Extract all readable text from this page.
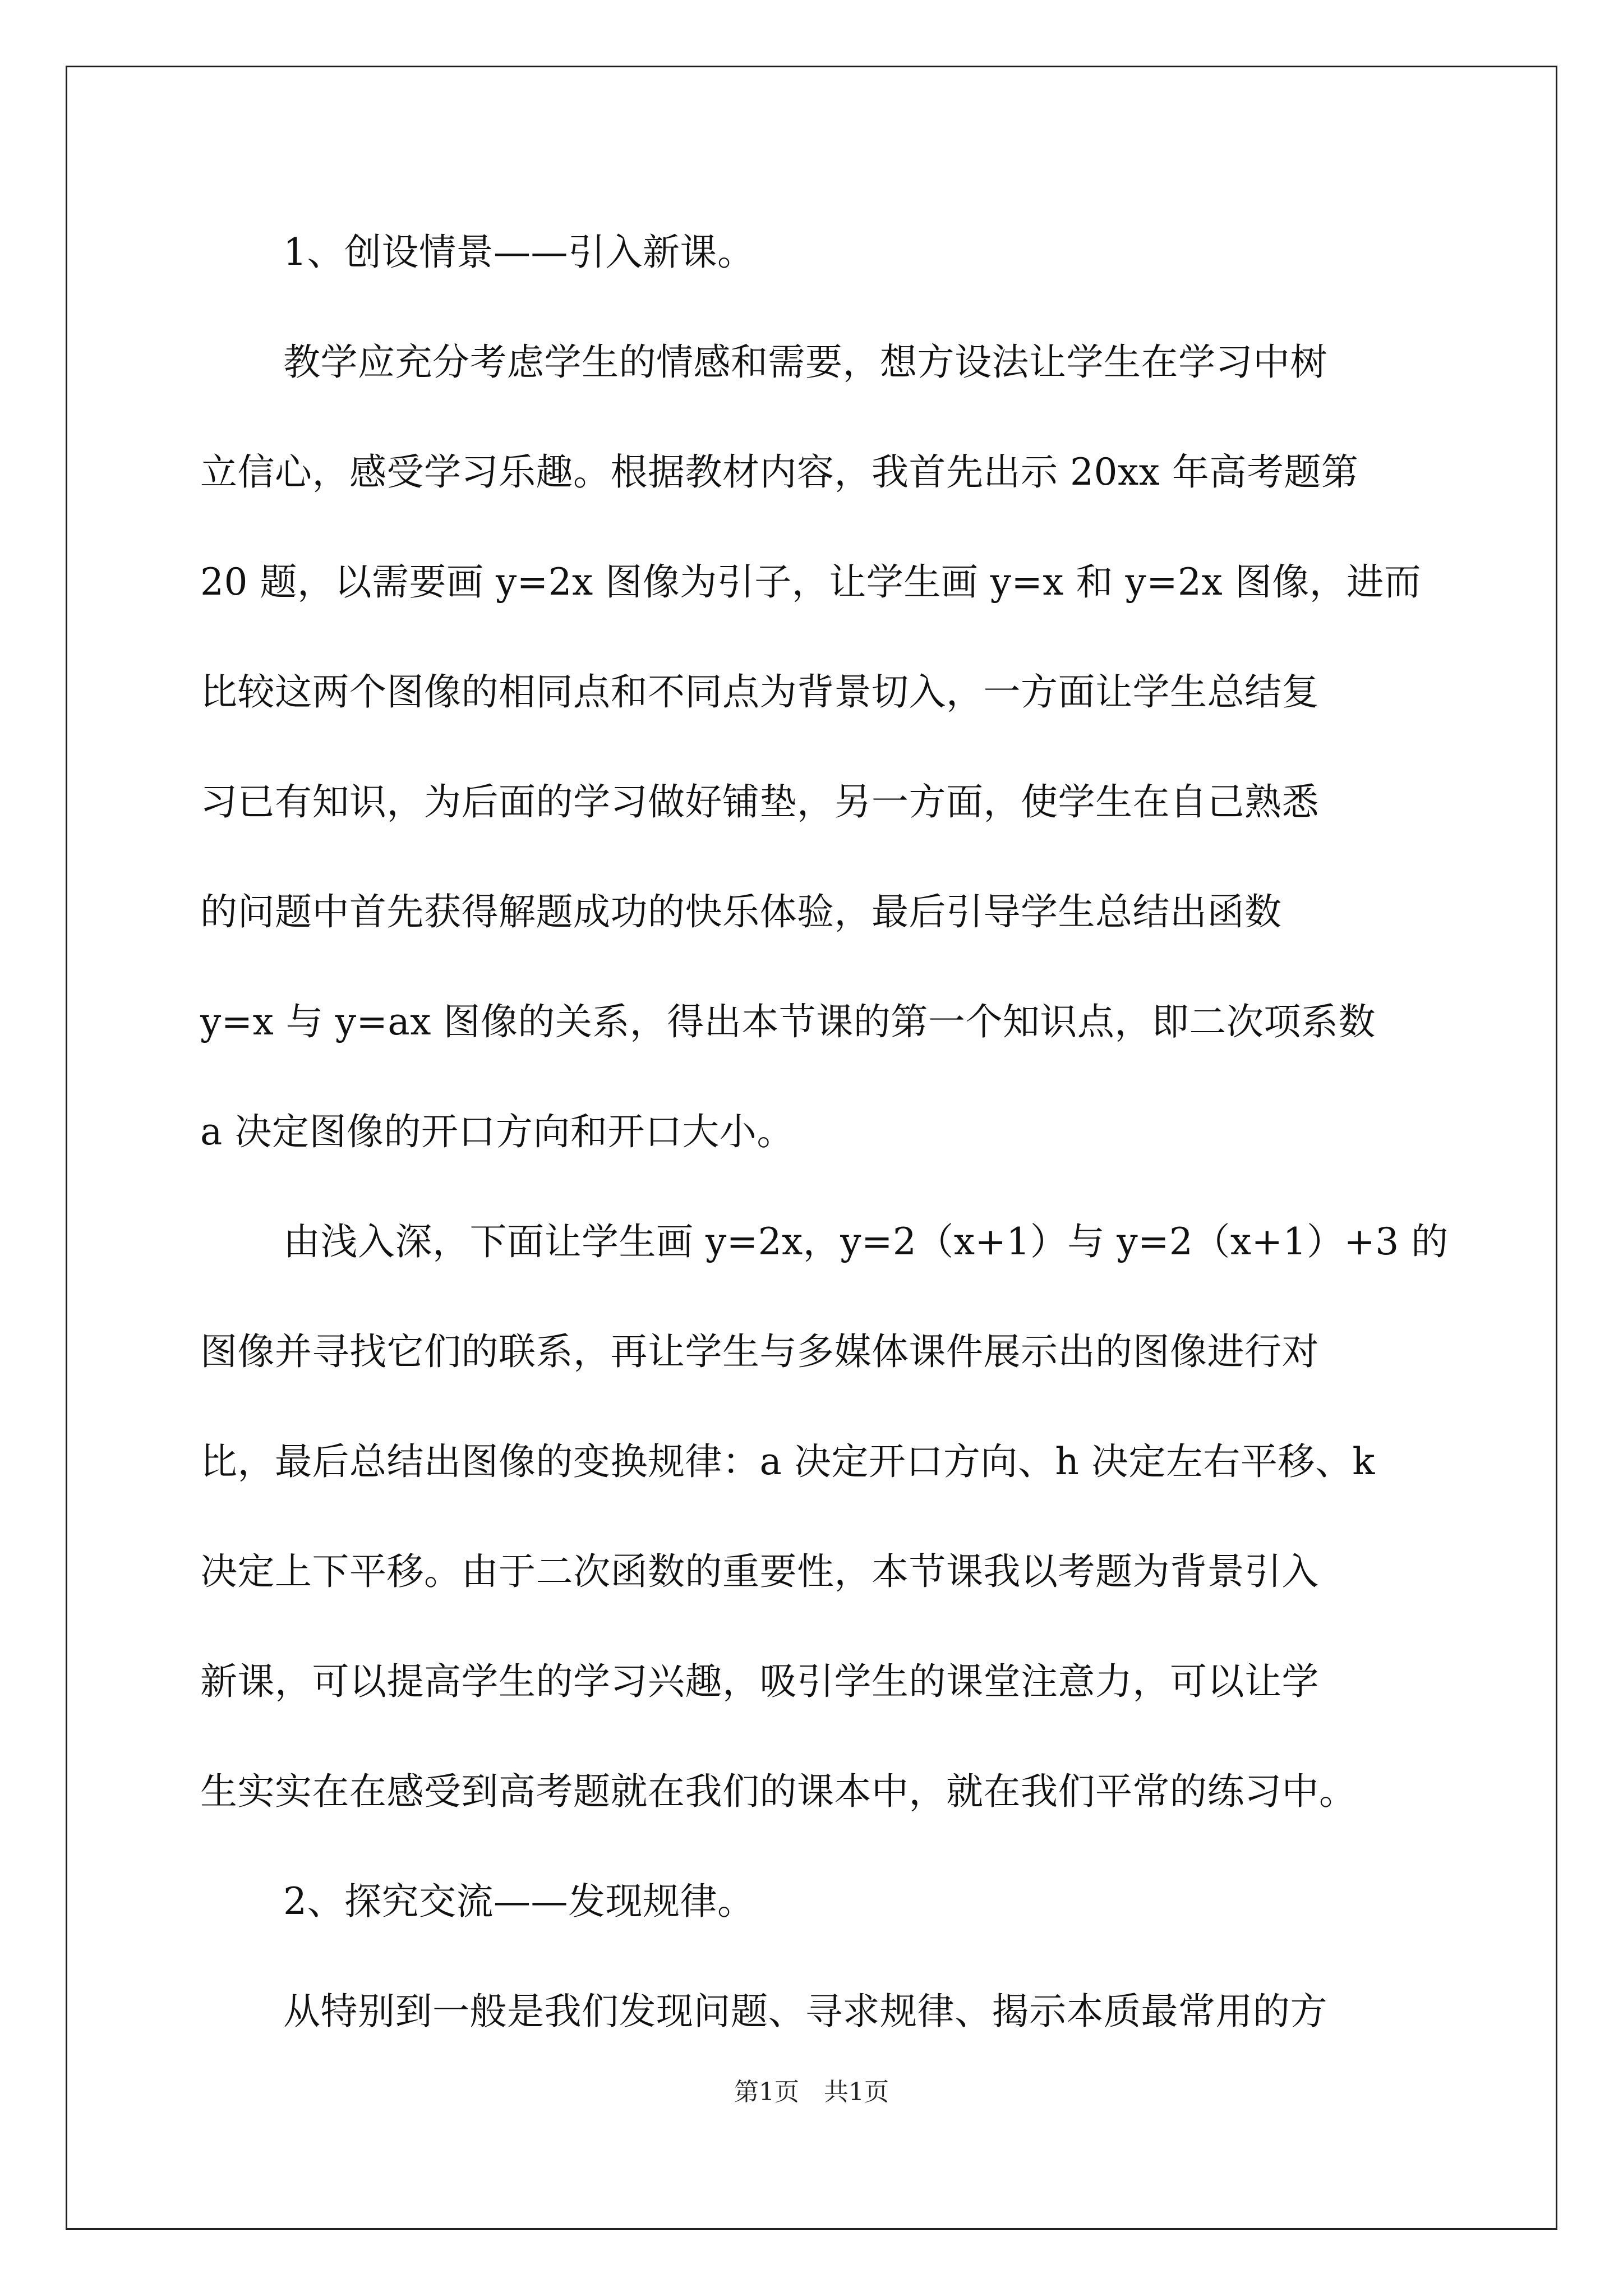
1、创设情景——引入新课。
教学应充分考虑学生的情感和需要，想方设法让学生在学习中树
立信心，感受学习乐趣。根据教材内容，我首先出示 20xx 年高考题第
20 题，以需要画 y=2x 图像为引子，让学生画 y=x 和 y=2x 图像，进而
比较这两个图像的相同点和不同点为背景切入，一方面让学生总结复
习已有知识，为后面的学习做好铺垫，另一方面，使学生在自己熟悉
的问题中首先获得解题成功的快乐体验，最后引导学生总结出函数
y=x 与 y=ax 图像的关系，得出本节课的第一个知识点，即二次项系数
a 决定图像的开口方向和开口大小。
由浅入深，下面让学生画 y=2x，y=2（x+1）与 y=2（x+1）+3 的
图像并寻找它们的联系，再让学生与多媒体课件展示出的图像进行对
比，最后总结出图像的变换规律：a 决定开口方向、h 决定左右平移、k
决定上下平移。由于二次函数的重要性，本节课我以考题为背景引入
新课，可以提高学生的学习兴趣，吸引学生的课堂注意力，可以让学
生实实在在感受到高考题就在我们的课本中，就在我们平常的练习中。
2、探究交流——发现规律。
从特别到一般是我们发现问题、寻求规律、揭示本质最常用的方
第1页　共1页
